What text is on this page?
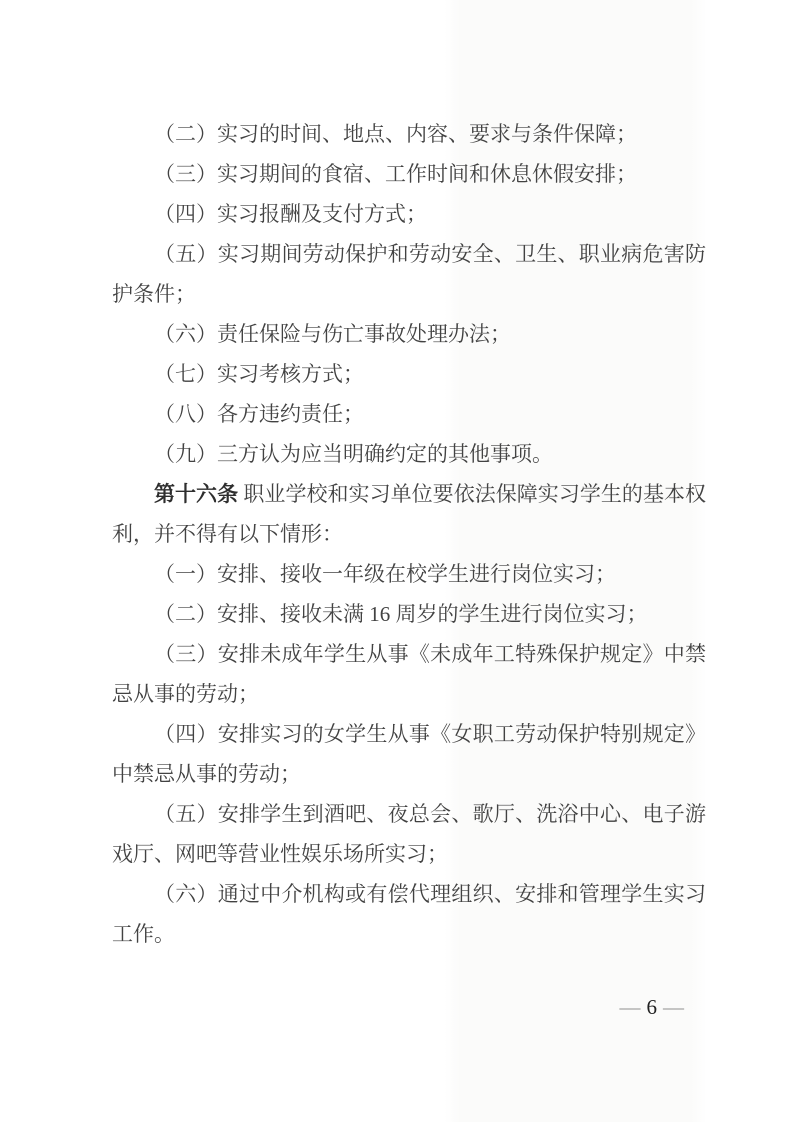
（二）实习的时间、地点、内容、要求与条件保障；

（三）实习期间的食宿、工作时间和休息休假安排；

（四）实习报酬及支付方式；

（五）实习期间劳动保护和劳动安全、卫生、职业病危害防护条件；

（六）责任保险与伤亡事故处理办法；

（七）实习考核方式；

（八）各方违约责任；

（九）三方认为应当明确约定的其他事项。

第十六条 职业学校和实习单位要依法保障实习学生的基本权利，并不得有以下情形：

（一）安排、接收一年级在校学生进行岗位实习；

（二）安排、接收未满 16 周岁的学生进行岗位实习；

（三）安排未成年学生从事《未成年工特殊保护规定》中禁忌从事的劳动；

（四）安排实习的女学生从事《女职工劳动保护特别规定》中禁忌从事的劳动；

（五）安排学生到酒吧、夜总会、歌厅、洗浴中心、电子游戏厅、网吧等营业性娱乐场所实习；

（六）通过中介机构或有偿代理组织、安排和管理学生实习工作。

— 6 —
